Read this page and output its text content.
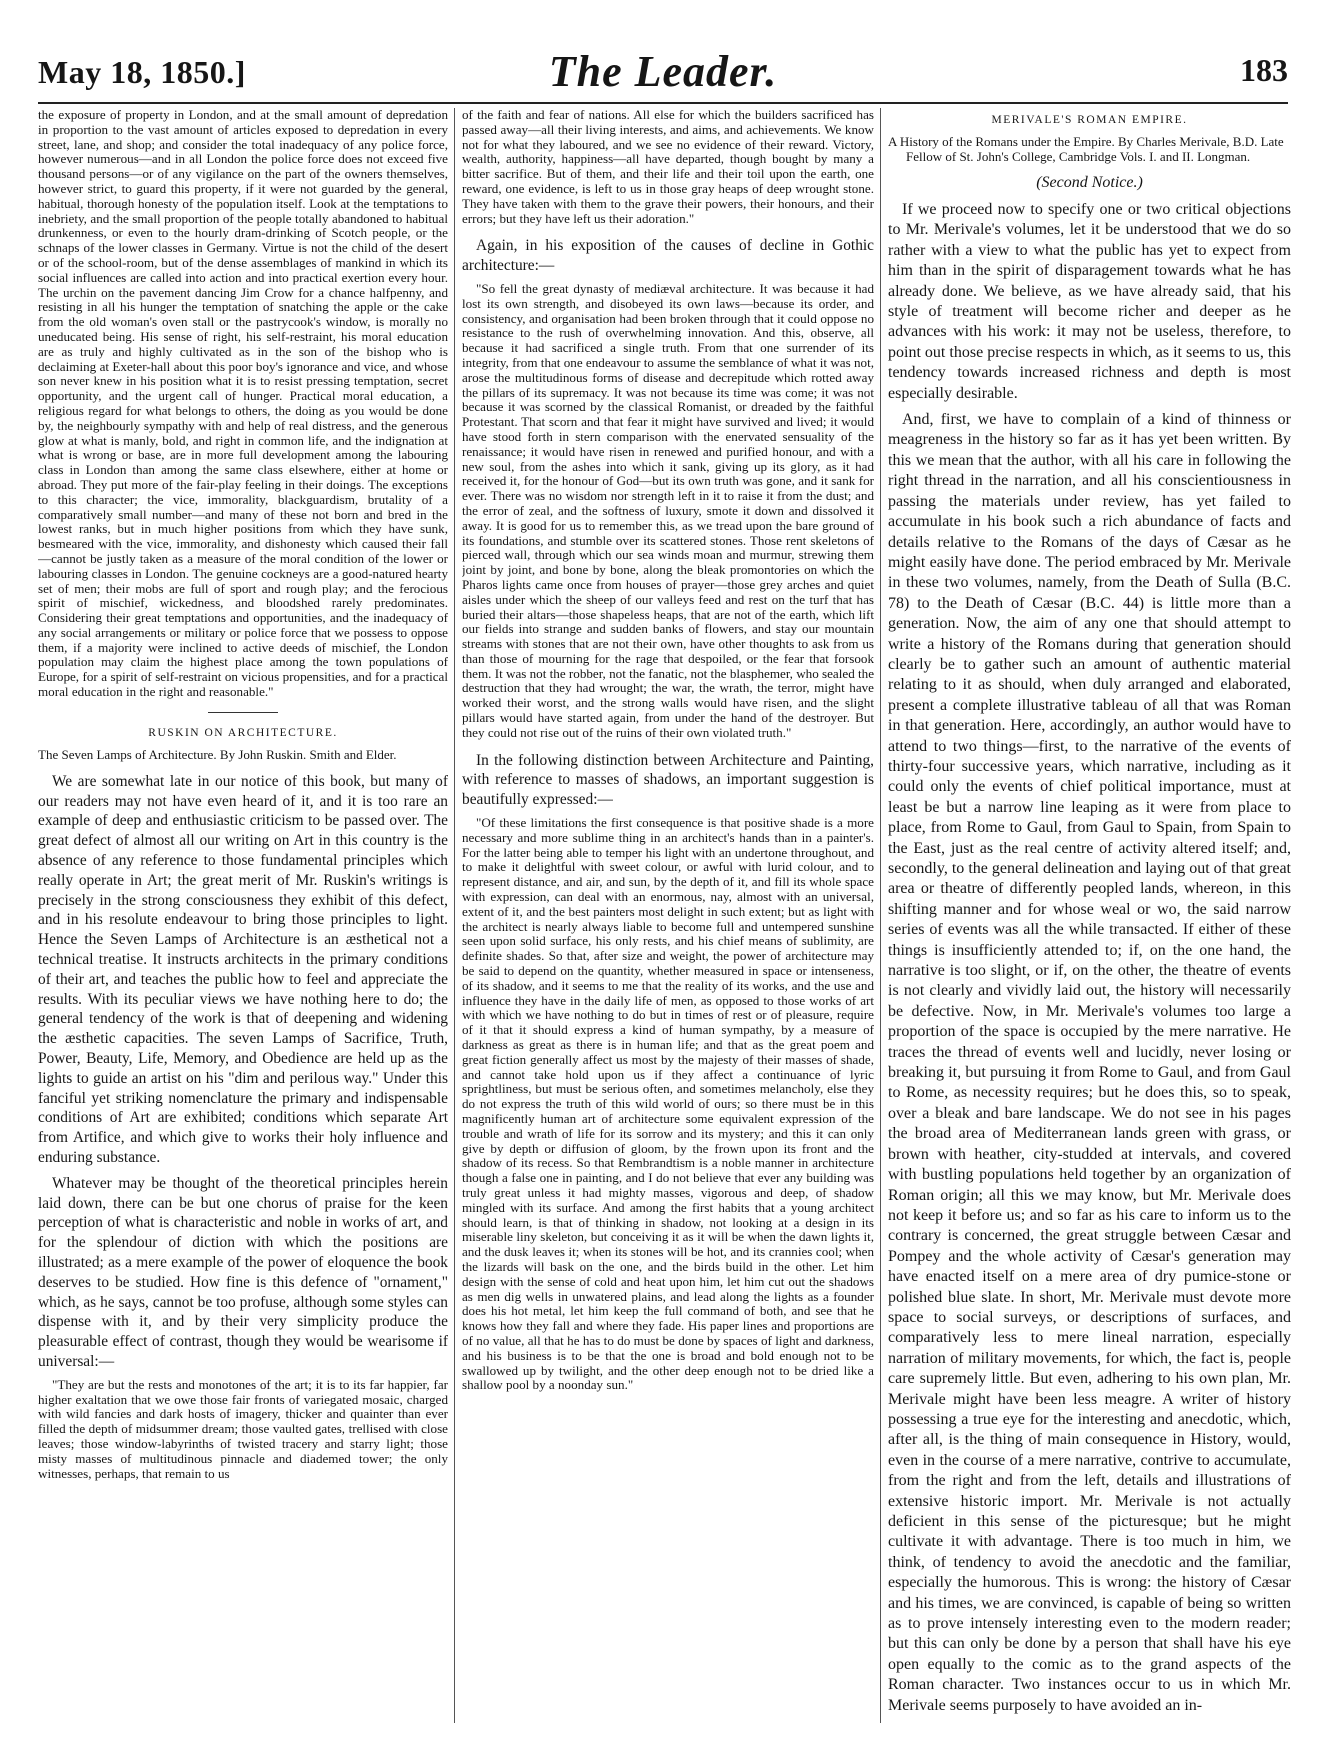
May 18, 1850.]	The Leader.	183

the exposure of property in London, and at the small amount of depredation in proportion to the vast amount of articles exposed to depredation in every street, lane, and shop; and consider the total inadequacy of any police force, however numerous—and in all London the police force does not exceed five thousand persons—or of any vigilance on the part of the owners themselves, however strict, to guard this property, if it were not guarded by the general, habitual, thorough honesty of the population itself. Look at the temptations to inebriety, and the small proportion of the people totally abandoned to habitual drunkenness, or even to the hourly dram-drinking of Scotch people, or the schnaps of the lower classes in Germany. Virtue is not the child of the desert or of the school-room, but of the dense assemblages of mankind in which its social influences are called into action and into practical exertion every hour. The urchin on the pavement dancing Jim Crow for a chance halfpenny, and resisting in all his hunger the temptation of snatching the apple or the cake from the old woman's oven stall or the pastrycook's window, is morally no uneducated being. His sense of right, his self-restraint, his moral education are as truly and highly cultivated as in the son of the bishop who is declaiming at Exeter-hall about this poor boy's ignorance and vice, and whose son never knew in his position what it is to resist pressing temptation, secret opportunity, and the urgent call of hunger. Practical moral education, a religious regard for what belongs to others, the doing as you would be done by, the neighbourly sympathy with and help of real distress, and the generous glow at what is manly, bold, and right in common life, and the indignation at what is wrong or base, are in more full development among the labouring class in London than among the same class elsewhere, either at home or abroad. They put more of the fair-play feeling in their doings. The exceptions to this character; the vice, immorality, blackguardism, brutality of a comparatively small number—and many of these not born and bred in the lowest ranks, but in much higher positions from which they have sunk, besmeared with the vice, immorality, and dishonesty which caused their fall—cannot be justly taken as a measure of the moral condition of the lower or labouring classes in London. The genuine cockneys are a good-natured hearty set of men; their mobs are full of sport and rough play; and the ferocious spirit of mischief, wickedness, and bloodshed rarely predominates. Considering their great temptations and opportunities, and the inadequacy of any social arrangements or military or police force that we possess to oppose them, if a majority were inclined to active deeds of mischief, the London population may claim the highest place among the town populations of Europe, for a spirit of self-restraint on vicious propensities, and for a practical moral education in the right and reasonable."

RUSKIN ON ARCHITECTURE.

The Seven Lamps of Architecture. By John Ruskin. Smith and Elder.

We are somewhat late in our notice of this book, but many of our readers may not have even heard of it, and it is too rare an example of deep and enthusiastic criticism to be passed over. The great defect of almost all our writing on Art in this country is the absence of any reference to those fundamental principles which really operate in Art; the great merit of Mr. Ruskin's writings is precisely in the strong consciousness they exhibit of this defect, and in his resolute endeavour to bring those principles to light. Hence the Seven Lamps of Architecture is an æsthetical not a technical treatise. It instructs architects in the primary conditions of their art, and teaches the public how to feel and appreciate the results. With its peculiar views we have nothing here to do; the general tendency of the work is that of deepening and widening the æsthetic capacities. The seven Lamps of Sacrifice, Truth, Power, Beauty, Life, Memory, and Obedience are held up as the lights to guide an artist on his "dim and perilous way." Under this fanciful yet striking nomenclature the primary and indispensable conditions of Art are exhibited; conditions which separate Art from Artifice, and which give to works their holy influence and enduring substance.

Whatever may be thought of the theoretical principles herein laid down, there can be but one chorus of praise for the keen perception of what is characteristic and noble in works of art, and for the splendour of diction with which the positions are illustrated; as a mere example of the power of eloquence the book deserves to be studied. How fine is this defence of "ornament," which, as he says, cannot be too profuse, although some styles can dispense with it, and by their very simplicity produce the pleasurable effect of contrast, though they would be wearisome if universal:—

"They are but the rests and monotones of the art; it is to its far happier, far higher exaltation that we owe those fair fronts of variegated mosaic, charged with wild fancies and dark hosts of imagery, thicker and quainter than ever filled the depth of midsummer dream; those vaulted gates, trellised with close leaves; those window-labyrinths of twisted tracery and starry light; those misty masses of multitudinous pinnacle and diademed tower; the only witnesses, perhaps, that remain to us

of the faith and fear of nations. All else for which the builders sacrificed has passed away—all their living interests, and aims, and achievements. We know not for what they laboured, and we see no evidence of their reward. Victory, wealth, authority, happiness—all have departed, though bought by many a bitter sacrifice. But of them, and their life and their toil upon the earth, one reward, one evidence, is left to us in those gray heaps of deep wrought stone. They have taken with them to the grave their powers, their honours, and their errors; but they have left us their adoration."

Again, in his exposition of the causes of decline in Gothic architecture:—

"So fell the great dynasty of mediæval architecture. It was because it had lost its own strength, and disobeyed its own laws—because its order, and consistency, and organisation had been broken through that it could oppose no resistance to the rush of overwhelming innovation. And this, observe, all because it had sacrificed a single truth. From that one surrender of its integrity, from that one endeavour to assume the semblance of what it was not, arose the multitudinous forms of disease and decrepitude which rotted away the pillars of its supremacy. It was not because its time was come; it was not because it was scorned by the classical Romanist, or dreaded by the faithful Protestant. That scorn and that fear it might have survived and lived; it would have stood forth in stern comparison with the enervated sensuality of the renaissance; it would have risen in renewed and purified honour, and with a new soul, from the ashes into which it sank, giving up its glory, as it had received it, for the honour of God—but its own truth was gone, and it sank for ever. There was no wisdom nor strength left in it to raise it from the dust; and the error of zeal, and the softness of luxury, smote it down and dissolved it away. It is good for us to remember this, as we tread upon the bare ground of its foundations, and stumble over its scattered stones. Those rent skeletons of pierced wall, through which our sea winds moan and murmur, strewing them joint by joint, and bone by bone, along the bleak promontories on which the Pharos lights came once from houses of prayer—those grey arches and quiet aisles under which the sheep of our valleys feed and rest on the turf that has buried their altars—those shapeless heaps, that are not of the earth, which lift our fields into strange and sudden banks of flowers, and stay our mountain streams with stones that are not their own, have other thoughts to ask from us than those of mourning for the rage that despoiled, or the fear that forsook them. It was not the robber, not the fanatic, not the blasphemer, who sealed the destruction that they had wrought; the war, the wrath, the terror, might have worked their worst, and the strong walls would have risen, and the slight pillars would have started again, from under the hand of the destroyer. But they could not rise out of the ruins of their own violated truth."

In the following distinction between Architecture and Painting, with reference to masses of shadows, an important suggestion is beautifully expressed:—

"Of these limitations the first consequence is that positive shade is a more necessary and more sublime thing in an architect's hands than in a painter's. For the latter being able to temper his light with an undertone throughout, and to make it delightful with sweet colour, or awful with lurid colour, and to represent distance, and air, and sun, by the depth of it, and fill its whole space with expression, can deal with an enormous, nay, almost with an universal, extent of it, and the best painters most delight in such extent; but as light with the architect is nearly always liable to become full and untempered sunshine seen upon solid surface, his only rests, and his chief means of sublimity, are definite shades. So that, after size and weight, the power of architecture may be said to depend on the quantity, whether measured in space or intenseness, of its shadow, and it seems to me that the reality of its works, and the use and influence they have in the daily life of men, as opposed to those works of art with which we have nothing to do but in times of rest or of pleasure, require of it that it should express a kind of human sympathy, by a measure of darkness as great as there is in human life; and that as the great poem and great fiction generally affect us most by the majesty of their masses of shade, and cannot take hold upon us if they affect a continuance of lyric sprightliness, but must be serious often, and sometimes melancholy, else they do not express the truth of this wild world of ours; so there must be in this magnificently human art of architecture some equivalent expression of the trouble and wrath of life for its sorrow and its mystery; and this it can only give by depth or diffusion of gloom, by the frown upon its front and the shadow of its recess. So that Rembrandtism is a noble manner in architecture though a false one in painting, and I do not believe that ever any building was truly great unless it had mighty masses, vigorous and deep, of shadow mingled with its surface. And among the first habits that a young architect should learn, is that of thinking in shadow, not looking at a design in its miserable liny skeleton, but conceiving it as it will be when the dawn lights it, and the dusk leaves it; when its stones will be hot, and its crannies cool; when the lizards will bask on the one, and the birds build in the other. Let him design with the sense of cold and heat upon him, let him cut out the shadows as men dig wells in unwatered plains, and lead along the lights as a founder does his hot metal, let him keep the full command of both, and see that he knows how they fall and where they fade. His paper lines and proportions are of no value, all that he has to do must be done by spaces of light and darkness, and his business is to be that the one is broad and bold enough not to be swallowed up by twilight, and the other deep enough not to be dried like a shallow pool by a noonday sun."

MERIVALE'S ROMAN EMPIRE.

A History of the Romans under the Empire. By Charles Merivale, B.D. Late Fellow of St. John's College, Cambridge Vols. I. and II. Longman.

(Second Notice.)

If we proceed now to specify one or two critical objections to Mr. Merivale's volumes, let it be understood that we do so rather with a view to what the public has yet to expect from him than in the spirit of disparagement towards what he has already done. We believe, as we have already said, that his style of treatment will become richer and deeper as he advances with his work: it may not be useless, therefore, to point out those precise respects in which, as it seems to us, this tendency towards increased richness and depth is most especially desirable.

And, first, we have to complain of a kind of thinness or meagreness in the history so far as it has yet been written. By this we mean that the author, with all his care in following the right thread in the narration, and all his conscientiousness in passing the materials under review, has yet failed to accumulate in his book such a rich abundance of facts and details relative to the Romans of the days of Cæsar as he might easily have done. The period embraced by Mr. Merivale in these two volumes, namely, from the Death of Sulla (B.C. 78) to the Death of Cæsar (B.C. 44) is little more than a generation. Now, the aim of any one that should attempt to write a history of the Romans during that generation should clearly be to gather such an amount of authentic material relating to it as should, when duly arranged and elaborated, present a complete illustrative tableau of all that was Roman in that generation. Here, accordingly, an author would have to attend to two things—first, to the narrative of the events of thirty-four successive years, which narrative, including as it could only the events of chief political importance, must at least be but a narrow line leaping as it were from place to place, from Rome to Gaul, from Gaul to Spain, from Spain to the East, just as the real centre of activity altered itself; and, secondly, to the general delineation and laying out of that great area or theatre of differently peopled lands, whereon, in this shifting manner and for whose weal or wo, the said narrow series of events was all the while transacted. If either of these things is insufficiently attended to; if, on the one hand, the narrative is too slight, or if, on the other, the theatre of events is not clearly and vividly laid out, the history will necessarily be defective. Now, in Mr. Merivale's volumes too large a proportion of the space is occupied by the mere narrative. He traces the thread of events well and lucidly, never losing or breaking it, but pursuing it from Rome to Gaul, and from Gaul to Rome, as necessity requires; but he does this, so to speak, over a bleak and bare landscape. We do not see in his pages the broad area of Mediterranean lands green with grass, or brown with heather, city-studded at intervals, and covered with bustling populations held together by an organization of Roman origin; all this we may know, but Mr. Merivale does not keep it before us; and so far as his care to inform us to the contrary is concerned, the great struggle between Cæsar and Pompey and the whole activity of Cæsar's generation may have enacted itself on a mere area of dry pumice-stone or polished blue slate. In short, Mr. Merivale must devote more space to social surveys, or descriptions of surfaces, and comparatively less to mere lineal narration, especially narration of military movements, for which, the fact is, people care supremely little. But even, adhering to his own plan, Mr. Merivale might have been less meagre. A writer of history possessing a true eye for the interesting and anecdotic, which, after all, is the thing of main consequence in History, would, even in the course of a mere narrative, contrive to accumulate, from the right and from the left, details and illustrations of extensive historic import. Mr. Merivale is not actually deficient in this sense of the picturesque; but he might cultivate it with advantage. There is too much in him, we think, of tendency to avoid the anecdotic and the familiar, especially the humorous. This is wrong: the history of Cæsar and his times, we are convinced, is capable of being so written as to prove intensely interesting even to the modern reader; but this can only be done by a person that shall have his eye open equally to the comic as to the grand aspects of the Roman character. Two instances occur to us in which Mr. Merivale seems purposely to have avoided an in-
